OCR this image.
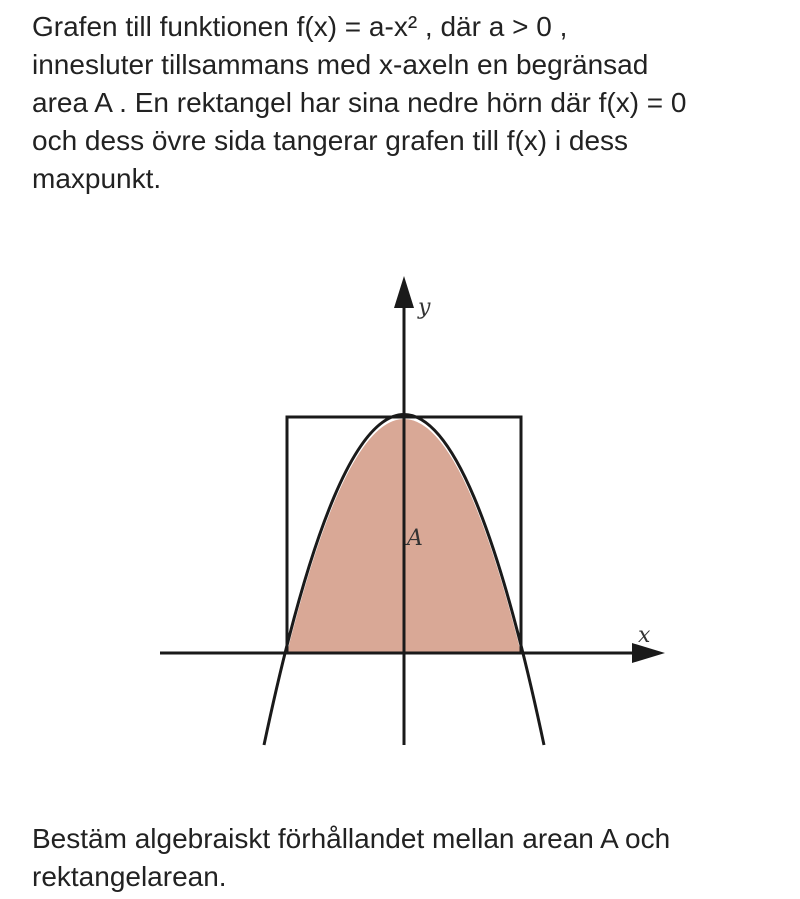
Grafen till funktionen f(x) = a-x² , där a > 0 ,
innesluter tillsammans med x-axeln en begränsad
area A . En rektangel har sina nedre hörn där f(x) = 0
och dess övre sida tangerar grafen till f(x) i dess
maxpunkt.
y
x
A
Bestäm algebraiskt förhållandet mellan arean A och
rektangelarean.
